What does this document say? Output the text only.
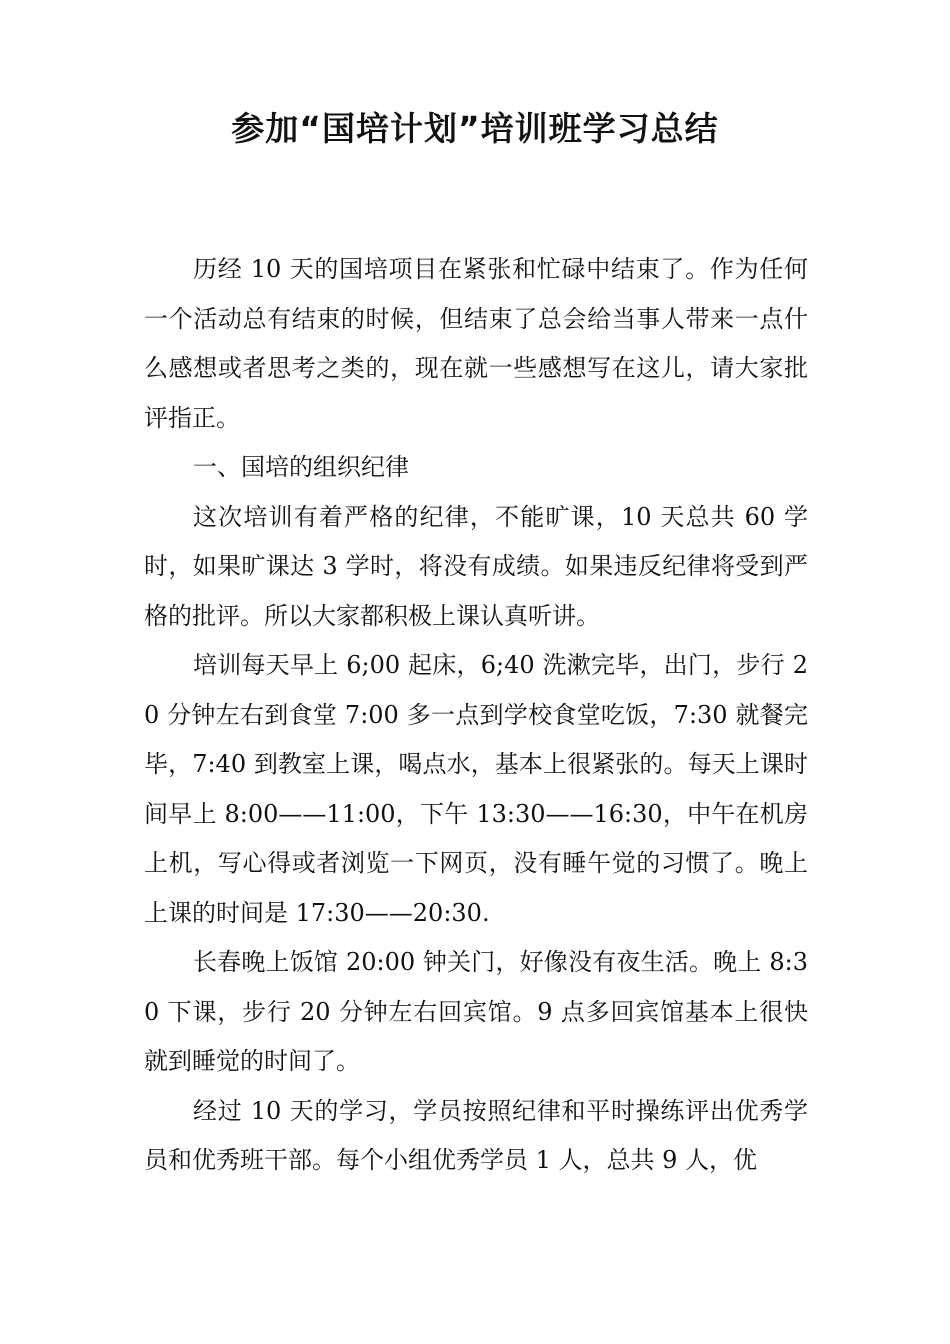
参加“国培计划”培训班学习总结

历经 10 天的国培项目在紧张和忙碌中结束了。作为任何一个活动总有结束的时候，但结束了总会给当事人带来一点什么感想或者思考之类的，现在就一些感想写在这儿，请大家批评指正。

一、国培的组织纪律

这次培训有着严格的纪律，不能旷课，10 天总共 60 学时，如果旷课达 3 学时，将没有成绩。如果违反纪律将受到严格的批评。所以大家都积极上课认真听讲。

培训每天早上 6;00 起床，6;40 洗漱完毕，出门，步行 20 分钟左右到食堂 7:00 多一点到学校食堂吃饭，7:30 就餐完毕，7:40 到教室上课，喝点水，基本上很紧张的。每天上课时间早上 8:00——11:00，下午 13:30——16:30，中午在机房上机，写心得或者浏览一下网页，没有睡午觉的习惯了。晚上上课的时间是 17:30——20:30.

长春晚上饭馆 20:00 钟关门，好像没有夜生活。晚上 8:30 下课，步行 20 分钟左右回宾馆。9 点多回宾馆基本上很快就到睡觉的时间了。

经过 10 天的学习，学员按照纪律和平时操练评出优秀学员和优秀班干部。每个小组优秀学员 1 人，总共 9 人，优
